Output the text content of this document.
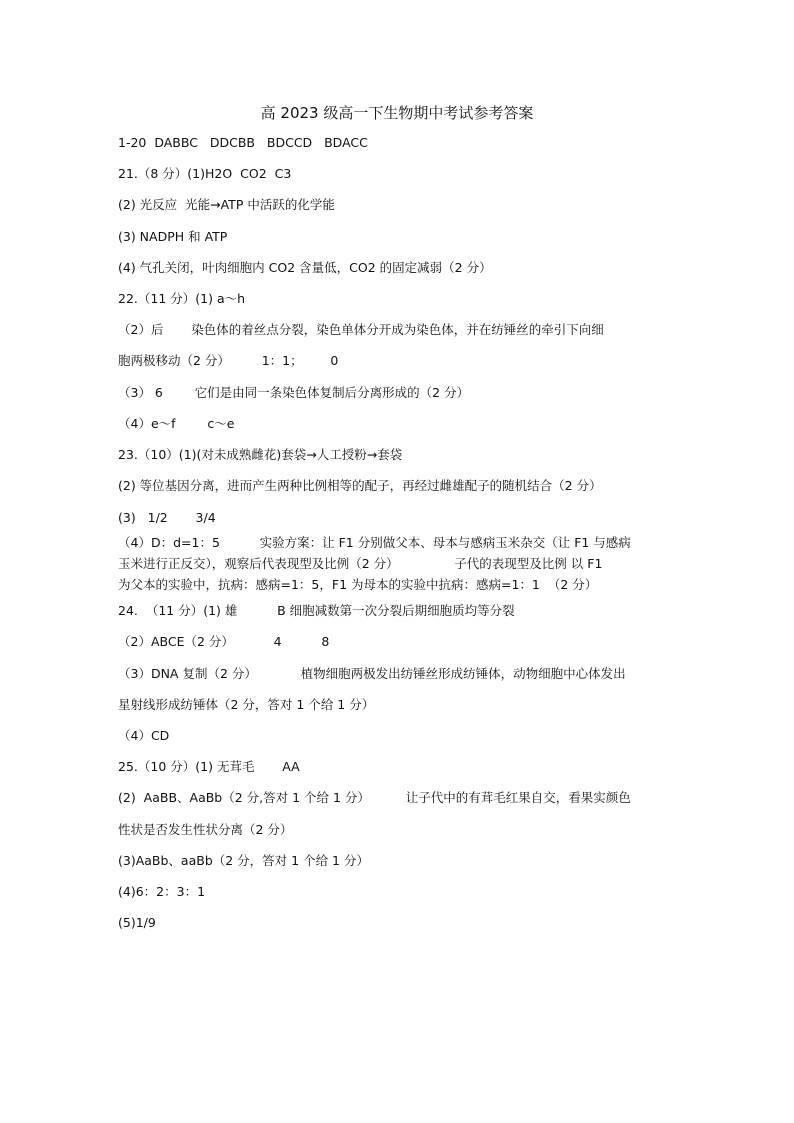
高 2023 级高一下生物期中考试参考答案
1-20  DABBC   DDCBB   BDCCD   BDACC
21.（8 分）(1)H2O  CO2  C3
(2) 光反应  光能→ATP 中活跃的化学能
(3) NADPH 和 ATP
(4) 气孔关闭，叶肉细胞内 CO2 含量低，CO2 的固定减弱（2 分）
22.（11 分）(1) a～h
（2）后       染色体的着丝点分裂，染色单体分开成为染色体，并在纺锤丝的牵引下向细
胞两极移动（2 分）        1：1；       0
（3） 6        它们是由同一条染色体复制后分离形成的（2 分）
（4）e～f        c～e
23.（10）(1)(对未成熟雌花)套袋→人工授粉→套袋
(2) 等位基因分离，进而产生两种比例相等的配子，再经过雌雄配子的随机结合（2 分）
(3)   1/2       3/4
（4）D：d=1：5          实验方案：让 F1 分别做父本、母本与感病玉米杂交（让 F1 与感病
玉米进行正反交），观察后代表现型及比例（2 分）              子代的表现型及比例 以 F1
为父本的实验中，抗病：感病=1：5，F1 为母本的实验中抗病：感病=1：1  （2 分）
24.  （11 分）(1) 雄          B 细胞减数第一次分裂后期细胞质均等分裂
（2）ABCE（2 分）          4          8
（3）DNA 复制（2 分）           植物细胞两极发出纺锤丝形成纺锤体，动物细胞中心体发出
星射线形成纺锤体（2 分，答对 1 个给 1 分）
（4）CD
25.（10 分）(1) 无茸毛       AA
(2)  AaBB、AaBb（2 分,答对 1 个给 1 分）         让子代中的有茸毛红果自交，看果实颜色
性状是否发生性状分离（2 分）
(3)AaBb、aaBb（2 分，答对 1 个给 1 分）
(4)6：2：3：1
(5)1/9
